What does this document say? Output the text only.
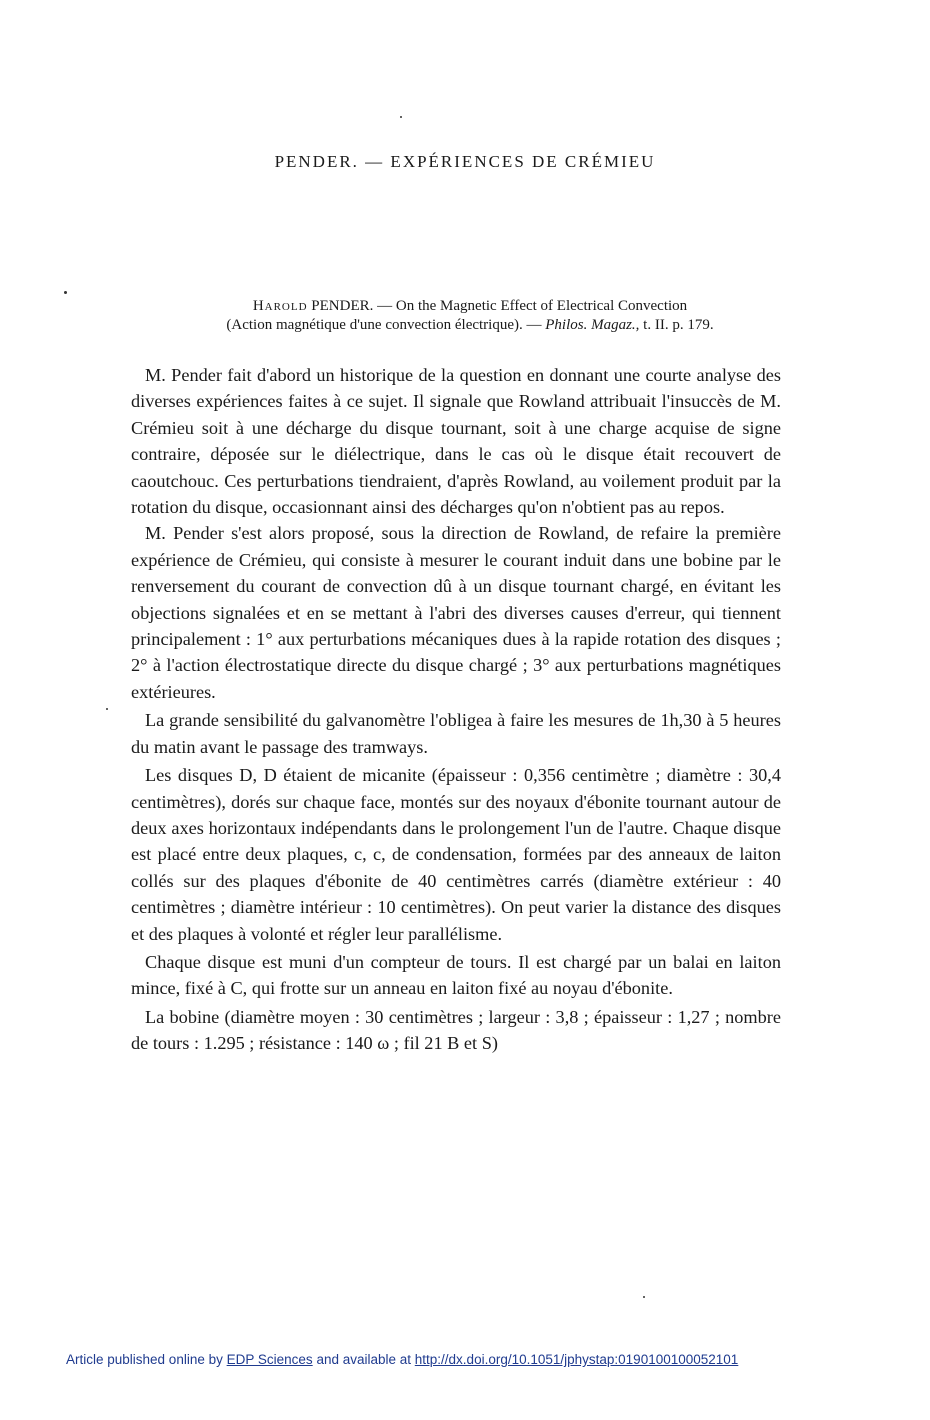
PENDER. — EXPÉRIENCES DE CRÉMIEU
Harold PENDER. — On the Magnetic Effect of Electrical Convection
(Action magnétique d'une convection électrique). — Philos. Magaz., t. II. p. 179.

M. Pender fait d'abord un historique de la question en donnant une courte analyse des diverses expériences faites à ce sujet. Il signale que Rowland attribuait l'insuccès de M. Crémieu soit à une décharge du disque tournant, soit à une charge acquise de signe contraire, déposée sur le diélectrique, dans le cas où le disque était recouvert de caoutchouc. Ces perturbations tiendraient, d'après Rowland, au voilement produit par la rotation du disque, occasionnant ainsi des décharges qu'on n'obtient pas au repos.

M. Pender s'est alors proposé, sous la direction de Rowland, de refaire la première expérience de Crémieu, qui consiste à mesurer le courant induit dans une bobine par le renversement du courant de convection dû à un disque tournant chargé, en évitant les objections signalées et en se mettant à l'abri des diverses causes d'erreur, qui tiennent principalement : 1° aux perturbations mécaniques dues à la rapide rotation des disques ; 2° à l'action électrostatique directe du disque chargé ; 3° aux perturbations magnétiques extérieures.

La grande sensibilité du galvanomètre l'obligea à faire les mesures de 1h,30 à 5 heures du matin avant le passage des tramways.

Les disques D, D étaient de micanite (épaisseur : 0,356 centimètre ; diamètre : 30,4 centimètres), dorés sur chaque face, montés sur des noyaux d'ébonite tournant autour de deux axes horizontaux indépendants dans le prolongement l'un de l'autre. Chaque disque est placé entre deux plaques, c, c, de condensation, formées par des anneaux de laiton collés sur des plaques d'ébonite de 40 centimètres carrés (diamètre extérieur : 40 centimètres ; diamètre intérieur : 10 centimètres). On peut varier la distance des disques et des plaques à volonté et régler leur parallélisme.

Chaque disque est muni d'un compteur de tours. Il est chargé par un balai en laiton mince, fixé à C, qui frotte sur un anneau en laiton fixé au noyau d'ébonite.

La bobine (diamètre moyen : 30 centimètres ; largeur : 3,8 ; épaisseur : 1,27 ; nombre de tours : 1.295 ; résistance : 140 ω ; fil 21 B et S)

Article published online by EDP Sciences and available at http://dx.doi.org/10.1051/jphystap:0190100100052101
